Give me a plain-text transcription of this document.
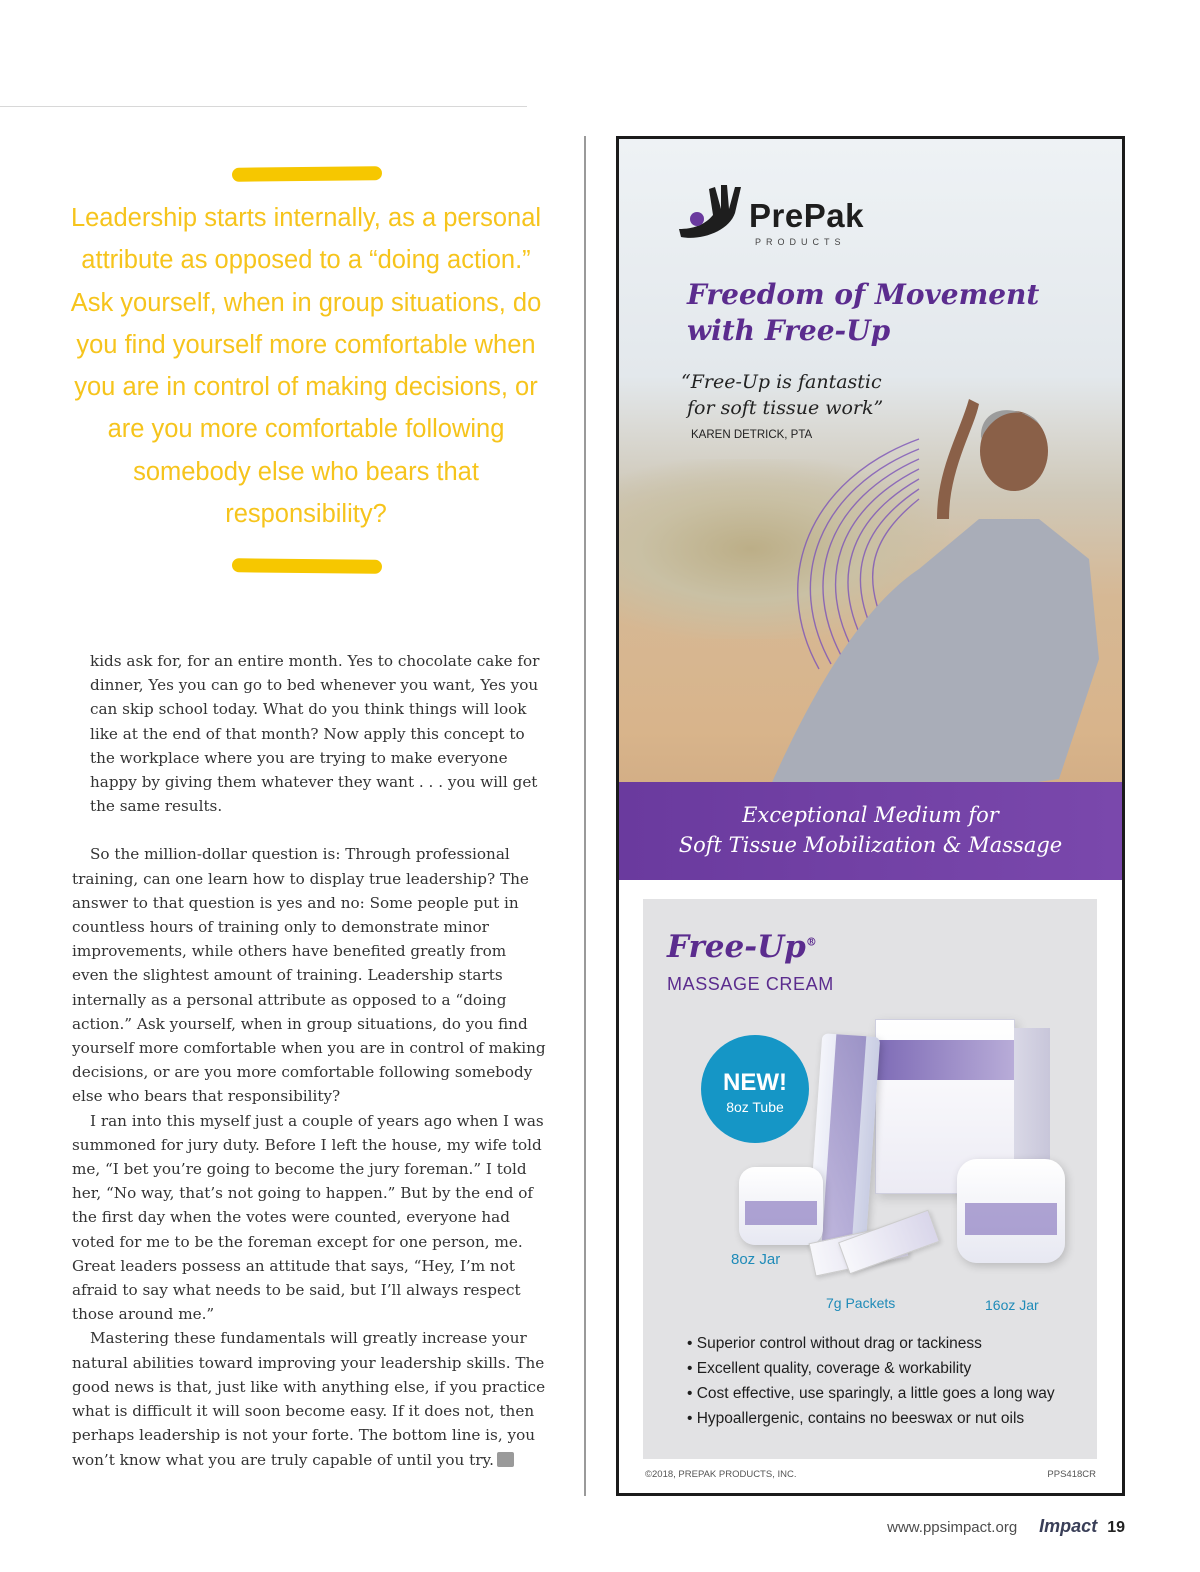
Leadership starts internally, as a personal attribute as opposed to a “doing action.” Ask yourself, when in group situations, do you find yourself more comfortable when you are in control of making decisions, or are you more comfortable following somebody else who bears that responsibility?

kids ask for, for an entire month. Yes to chocolate cake for dinner, Yes you can go to bed whenever you want, Yes you can skip school today. What do you think things will look like at the end of that month? Now apply this concept to the workplace where you are trying to make everyone happy by giving them whatever they want . . . you will get the same results.

So the million-dollar question is: Through professional training, can one learn how to display true leadership? The answer to that question is yes and no: Some people put in countless hours of training only to demonstrate minor improvements, while others have benefited greatly from even the slightest amount of training. Leadership starts internally as a personal attribute as opposed to a “doing action.” Ask yourself, when in group situations, do you find yourself more comfortable when you are in control of making decisions, or are you more comfortable following somebody else who bears that responsibility?

I ran into this myself just a couple of years ago when I was summoned for jury duty. Before I left the house, my wife told me, “I bet you’re going to become the jury foreman.” I told her, “No way, that’s not going to happen.” But by the end of the first day when the votes were counted, everyone had voted for me to be the foreman except for one person, me. Great leaders possess an attitude that says, “Hey, I’m not afraid to say what needs to be said, but I’ll always respect those around me.”

Mastering these fundamentals will greatly increase your natural abilities toward improving your leadership skills. The good news is that, just like with anything else, if you practice what is difficult it will soon become easy. If it does not, then perhaps leadership is not your forte. The bottom line is, you won’t know what you are truly capable of until you try.

PrePak
PRODUCTS
Freedom of Movement
with Free-Up
“Free-Up is fantastic
for soft tissue work”
KAREN DETRICK, PTA
Exceptional Medium for
Soft Tissue Mobilization & Massage
Free-Up®
MASSAGE CREAM
NEW!
8oz Tube
8oz Jar
7g Packets	16oz Jar
• Superior control without drag or tackiness
• Excellent quality, coverage & workability
• Cost effective, use sparingly, a little goes a long way
• Hypoallergenic, contains no beeswax or nut oils
©2018, PREPAK PRODUCTS, INC.	PPS418CR
www.ppsimpact.org Impact 19
